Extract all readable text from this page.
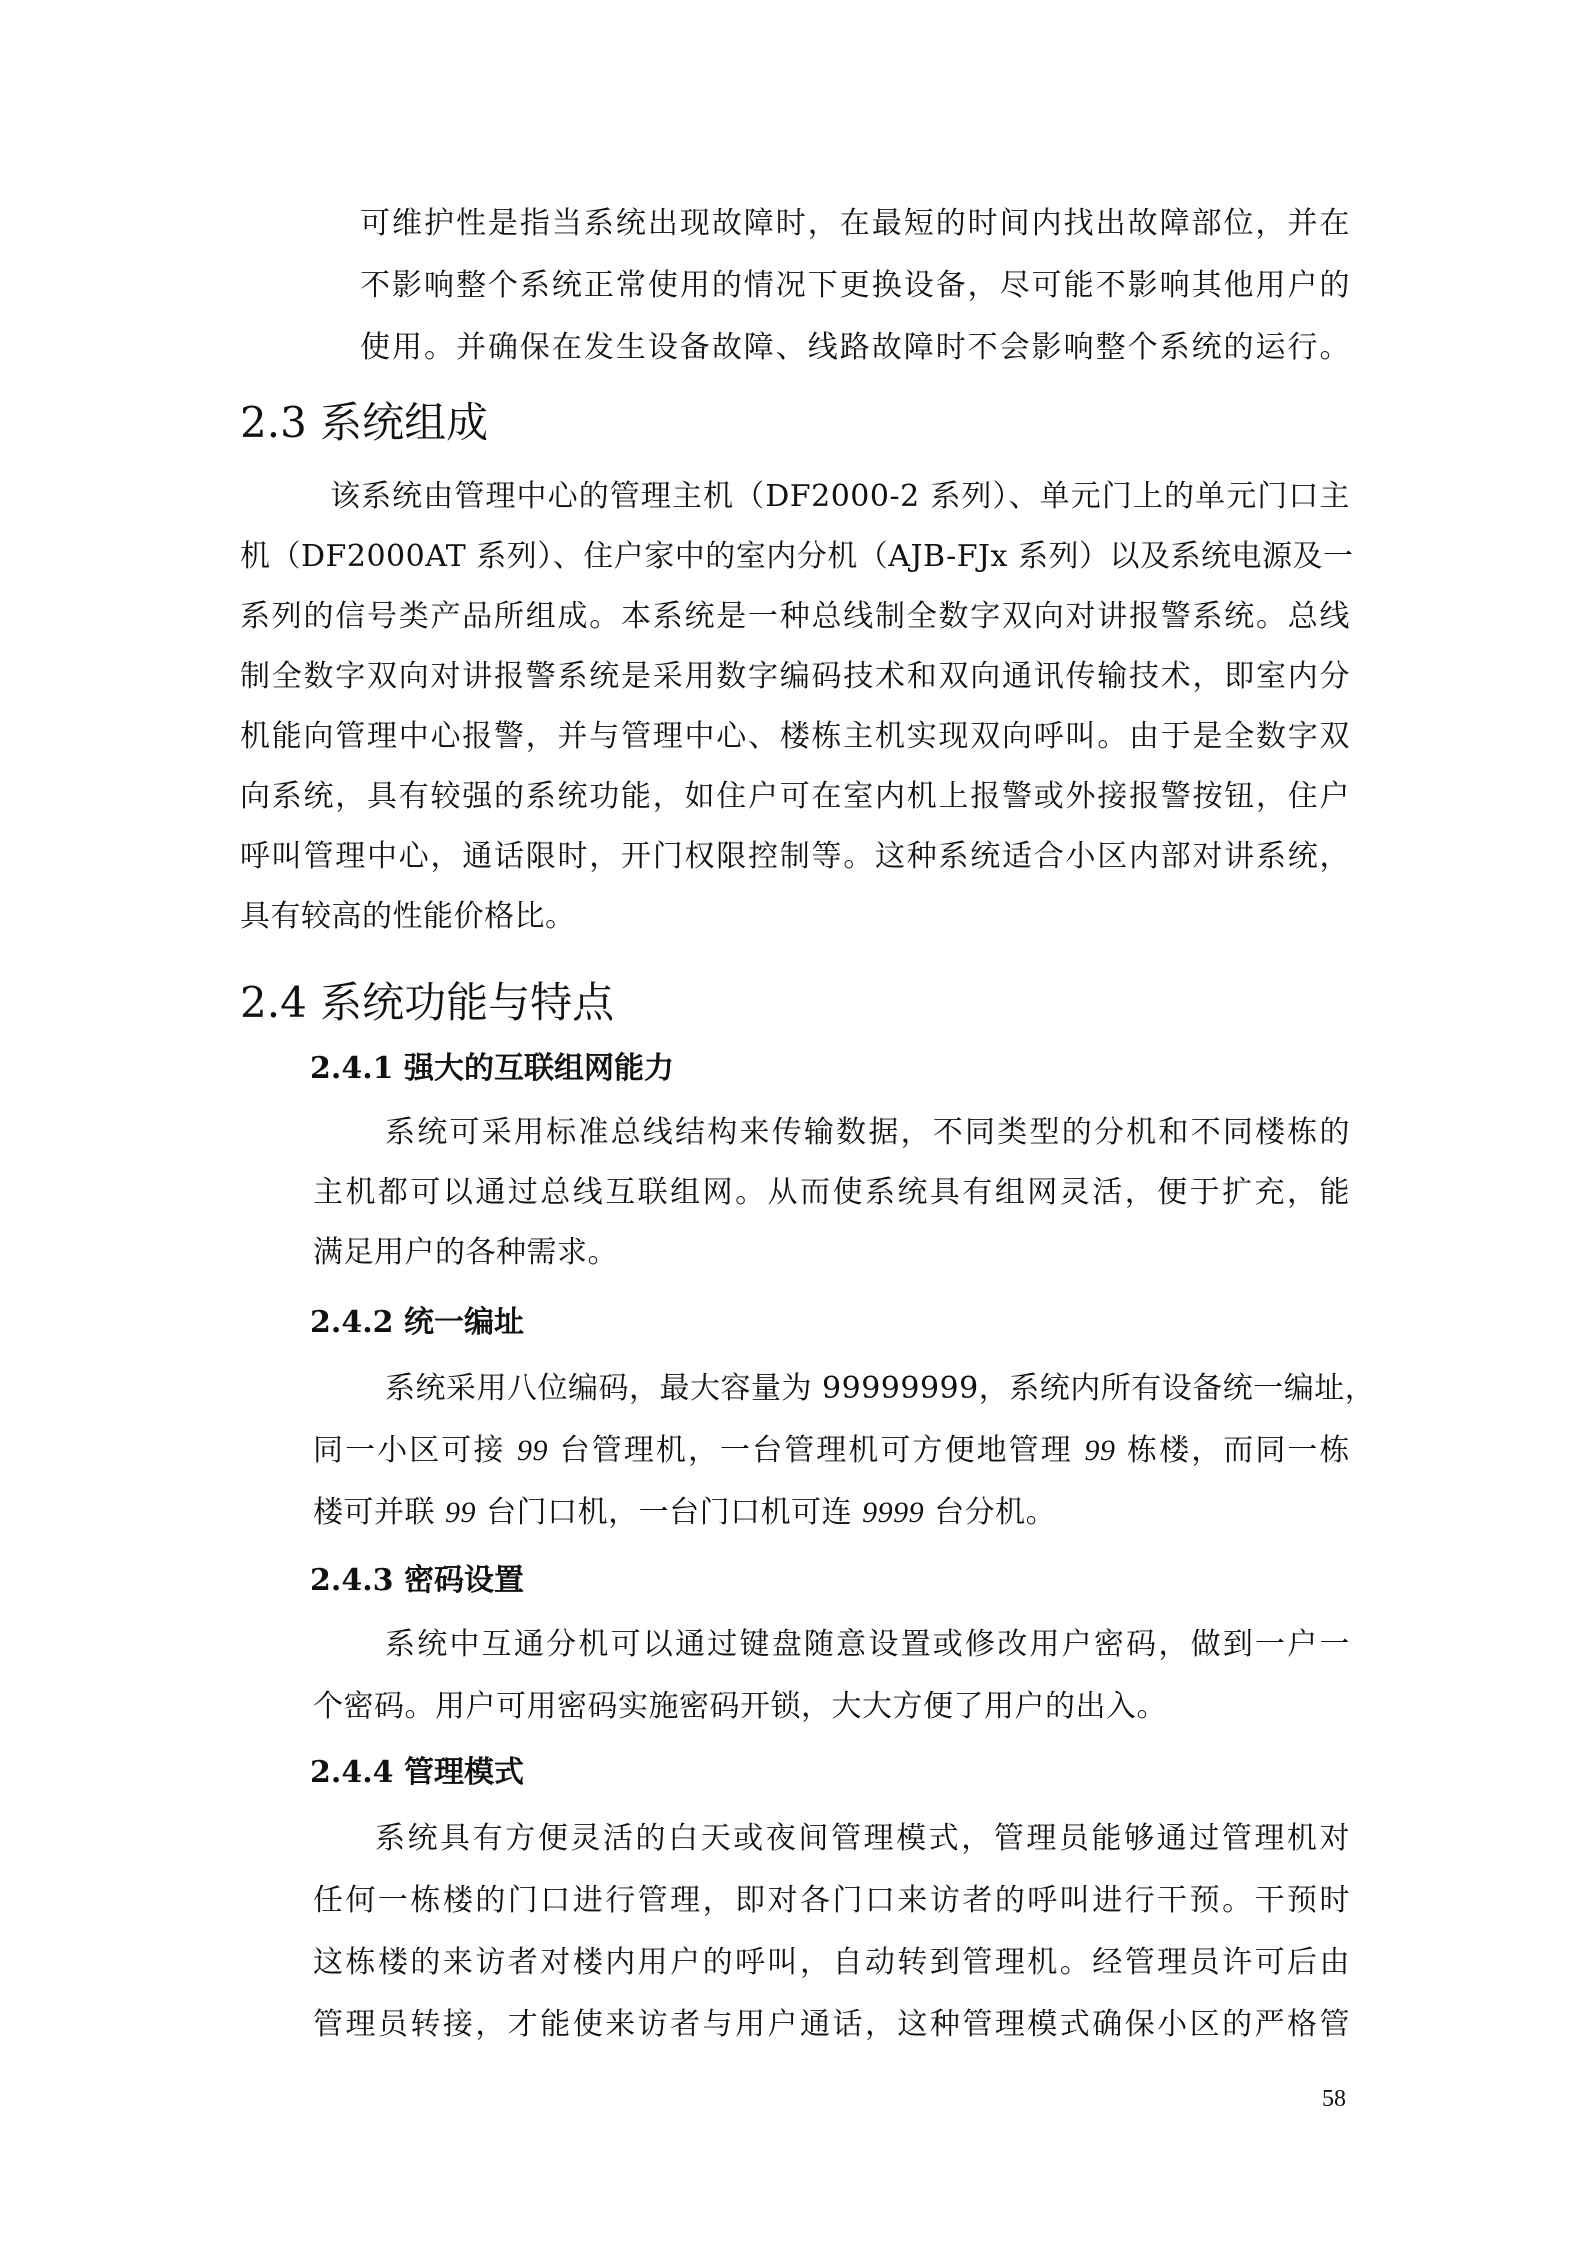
可维护性是指当系统出现故障时，在最短的时间内找出故障部位，并在
不影响整个系统正常使用的情况下更换设备，尽可能不影响其他用户的
使用。并确保在发生设备故障、线路故障时不会影响整个系统的运行。
2.3 系统组成
该系统由管理中心的管理主机（DF2000-2 系列）、单元门上的单元门口主
机（DF2000AT 系列）、住户家中的室内分机（AJB-FJx 系列）以及系统电源及一
系列的信号类产品所组成。本系统是一种总线制全数字双向对讲报警系统。总线
制全数字双向对讲报警系统是采用数字编码技术和双向通讯传输技术，即室内分
机能向管理中心报警，并与管理中心、楼栋主机实现双向呼叫。由于是全数字双
向系统，具有较强的系统功能，如住户可在室内机上报警或外接报警按钮，住户
呼叫管理中心，通话限时，开门权限控制等。这种系统适合小区内部对讲系统，
具有较高的性能价格比。
2.4 系统功能与特点
2.4.1 强大的互联组网能力
系统可采用标准总线结构来传输数据，不同类型的分机和不同楼栋的
主机都可以通过总线互联组网。从而使系统具有组网灵活，便于扩充，能
满足用户的各种需求。
2.4.2 统一编址
系统采用八位编码，最大容量为 99999999，系统内所有设备统一编址，
同一小区可接 99 台管理机，一台管理机可方便地管理 99 栋楼，而同一栋
楼可并联 99 台门口机，一台门口机可连 9999 台分机。
2.4.3 密码设置
系统中互通分机可以通过键盘随意设置或修改用户密码，做到一户一
个密码。用户可用密码实施密码开锁，大大方便了用户的出入。
2.4.4 管理模式
系统具有方便灵活的白天或夜间管理模式，管理员能够通过管理机对
任何一栋楼的门口进行管理，即对各门口来访者的呼叫进行干预。干预时
这栋楼的来访者对楼内用户的呼叫，自动转到管理机。经管理员许可后由
管理员转接，才能使来访者与用户通话，这种管理模式确保小区的严格管
58
